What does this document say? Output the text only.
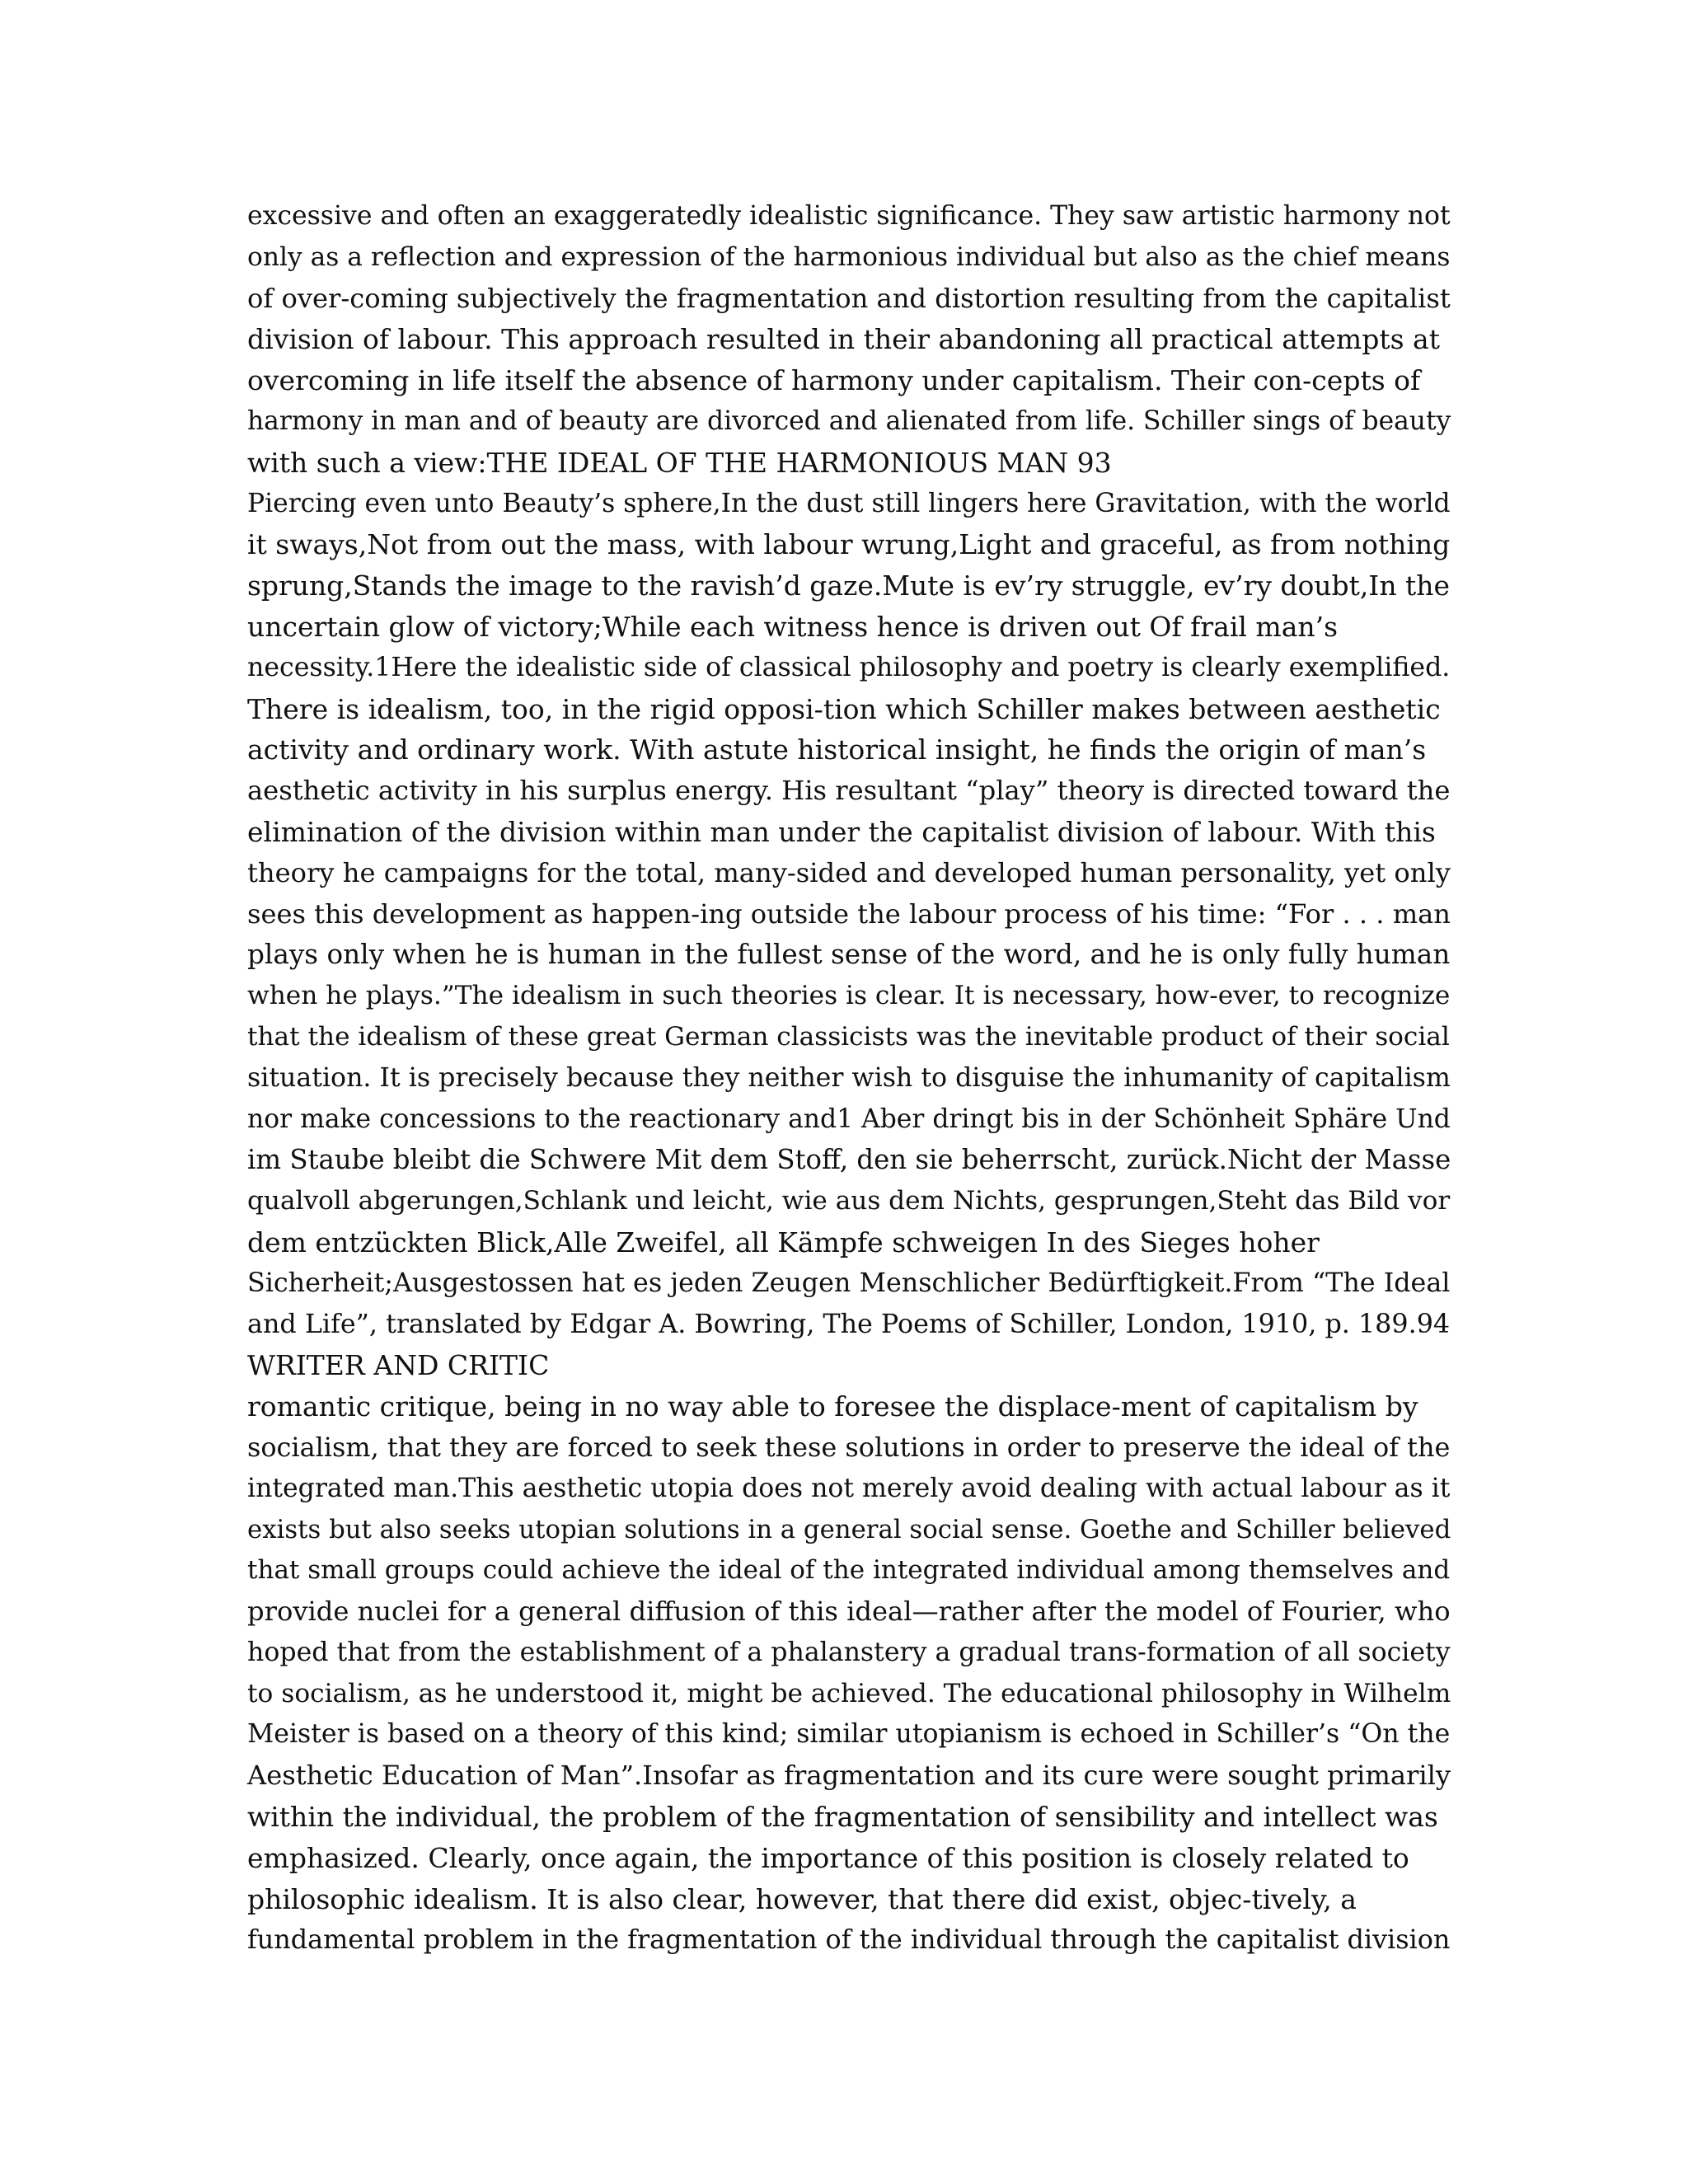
excessive and often an exaggeratedly idealistic significance. They saw artistic harmony not
only as a reflection and expression of the harmonious individual but also as the chief means
of over-coming subjectively the fragmentation and distortion resulting from the capitalist
division of labour. This approach resulted in their abandoning all practical attempts at
overcoming in life itself the absence of harmony under capitalism. Their con-cepts of
harmony in man and of beauty are divorced and alienated from life. Schiller sings of beauty
with such a view:THE IDEAL OF THE HARMONIOUS MAN 93
Piercing even unto Beauty’s sphere,In the dust still lingers here Gravitation, with the world
it sways,Not from out the mass, with labour wrung,Light and graceful, as from nothing
sprung,Stands the image to the ravish’d gaze.Mute is ev’ry struggle, ev’ry doubt,In the
uncertain glow of victory;While each witness hence is driven out Of frail man’s
necessity.1Here the idealistic side of classical philosophy and poetry is clearly exemplified.
There is idealism, too, in the rigid opposi-tion which Schiller makes between aesthetic
activity and ordinary work. With astute historical insight, he finds the origin of man’s
aesthetic activity in his surplus energy. His resultant “play” theory is directed toward the
elimination of the division within man under the capitalist division of labour. With this
theory he campaigns for the total, many-sided and developed human personality, yet only
sees this development as happen-ing outside the labour process of his time: “For . . . man
plays only when he is human in the fullest sense of the word, and he is only fully human
when he plays.”The idealism in such theories is clear. It is necessary, how-ever, to recognize
that the idealism of these great German classicists was the inevitable product of their social
situation. It is precisely because they neither wish to disguise the inhumanity of capitalism
nor make concessions to the reactionary and1 Aber dringt bis in der Schönheit Sphäre Und
im Staube bleibt die Schwere Mit dem Stoff, den sie beherrscht, zurück.Nicht der Masse
qualvoll abgerungen,Schlank und leicht, wie aus dem Nichts, gesprungen,Steht das Bild vor
dem entzückten Blick,Alle Zweifel, all Kämpfe schweigen In des Sieges hoher
Sicherheit;Ausgestossen hat es jeden Zeugen Menschlicher Bedürftigkeit.From “The Ideal
and Life”, translated by Edgar A. Bowring, The Poems of Schiller, London, 1910, p. 189.94
WRITER AND CRITIC
romantic critique, being in no way able to foresee the displace-ment of capitalism by
socialism, that they are forced to seek these solutions in order to preserve the ideal of the
integrated man.This aesthetic utopia does not merely avoid dealing with actual labour as it
exists but also seeks utopian solutions in a general social sense. Goethe and Schiller believed
that small groups could achieve the ideal of the integrated individual among themselves and
provide nuclei for a general diffusion of this ideal—rather after the model of Fourier, who
hoped that from the establishment of a phalanstery a gradual trans-formation of all society
to socialism, as he understood it, might be achieved. The educational philosophy in Wilhelm
Meister is based on a theory of this kind; similar utopianism is echoed in Schiller’s “On the
Aesthetic Education of Man”.Insofar as fragmentation and its cure were sought primarily
within the individual, the problem of the fragmentation of sensibility and intellect was
emphasized. Clearly, once again, the importance of this position is closely related to
philosophic idealism. It is also clear, however, that there did exist, objec-tively, a
fundamental problem in the fragmentation of the individual through the capitalist division
